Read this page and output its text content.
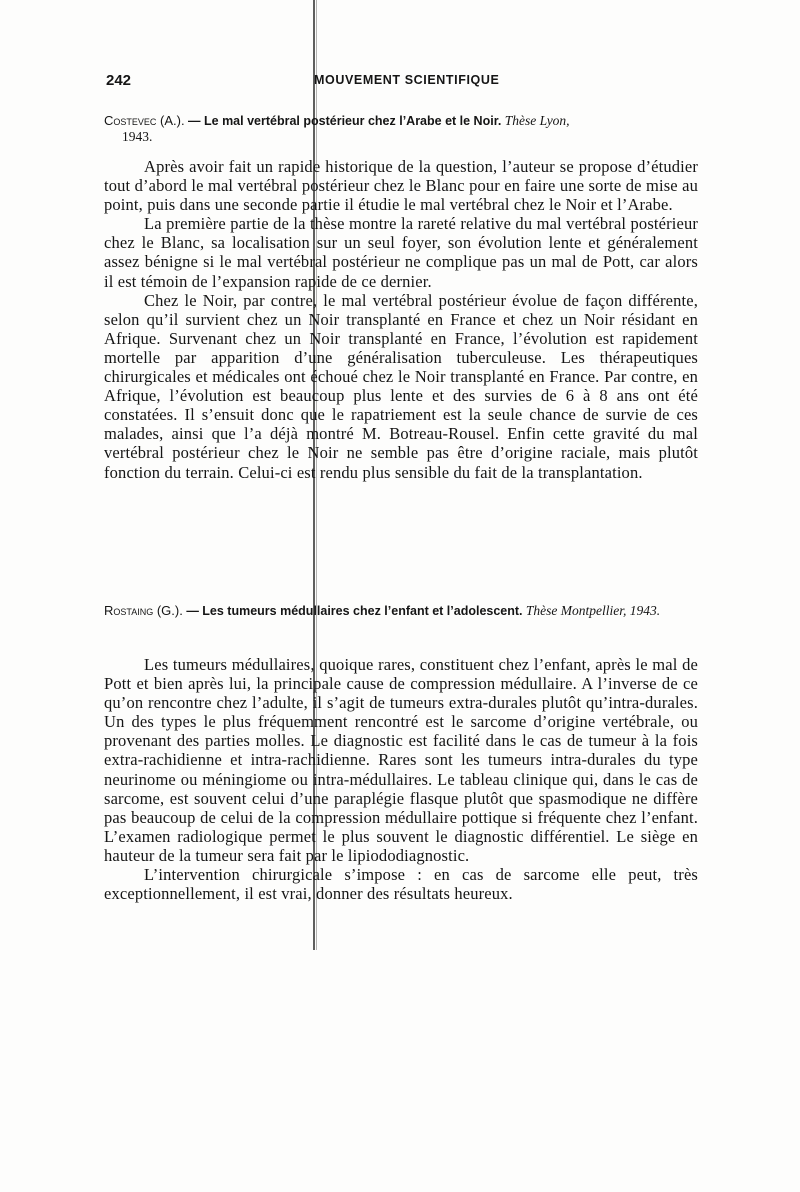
242	MOUVEMENT SCIENTIFIQUE
Costevec (A.). — Le mal vertébral postérieur chez l’Arabe et le Noir. Thèse Lyon,
1943.

Après avoir fait un rapide historique de la question, l’auteur se propose d’étudier tout d’abord le mal vertébral postérieur chez le Blanc pour en faire une sorte de mise au point, puis dans une seconde partie il étudie le mal vertébral chez le Noir et l’Arabe.

La première partie de la thèse montre la rareté relative du mal vertébral postérieur chez le Blanc, sa localisation sur un seul foyer, son évolution lente et généralement assez bénigne si le mal vertébral postérieur ne complique pas un mal de Pott, car alors il est témoin de l’expansion rapide de ce dernier.

Chez le Noir, par contre, le mal vertébral postérieur évolue de façon différente, selon qu’il survient chez un Noir transplanté en France et chez un Noir résidant en Afrique. Survenant chez un Noir transplanté en France, l’évolution est rapidement mortelle par apparition d’une généralisation tuberculeuse. Les thérapeutiques chirurgicales et médicales ont échoué chez le Noir transplanté en France. Par contre, en Afrique, l’évolution est beaucoup plus lente et des survies de 6 à 8 ans ont été constatées. Il s’ensuit donc que le rapatriement est la seule chance de survie de ces malades, ainsi que l’a déjà montré M. Botreau-Rousel. Enfin cette gravité du mal vertébral postérieur chez le Noir ne semble pas être d’origine raciale, mais plutôt fonction du terrain. Celui-ci est rendu plus sensible du fait de la transplantation.

Rostaing (G.). — Les tumeurs médullaires chez l’enfant et l’adolescent. Thèse Montpellier, 1943.

Les tumeurs médullaires, quoique rares, constituent chez l’enfant, après le mal de Pott et bien après lui, la principale cause de compression médullaire. A l’inverse de ce qu’on rencontre chez l’adulte, il s’agit de tumeurs extra-durales plutôt qu’intra-durales. Un des types le plus fréquemment rencontré est le sarcome d’origine vertébrale, ou provenant des parties molles. Le diagnostic est facilité dans le cas de tumeur à la fois extra-rachidienne et intra-rachidienne. Rares sont les tumeurs intra-durales du type neurinome ou méningiome ou intra-médullaires. Le tableau clinique qui, dans le cas de sarcome, est souvent celui d’une paraplégie flasque plutôt que spasmodique ne diffère pas beaucoup de celui de la compression médullaire pottique si fréquente chez l’enfant. L’examen radiologique permet le plus souvent le diagnostic différentiel. Le siège en hauteur de la tumeur sera fait par le lipiododiagnostic.

L’intervention chirurgicale s’impose : en cas de sarcome elle peut, très exceptionnellement, il est vrai, donner des résultats heureux.
